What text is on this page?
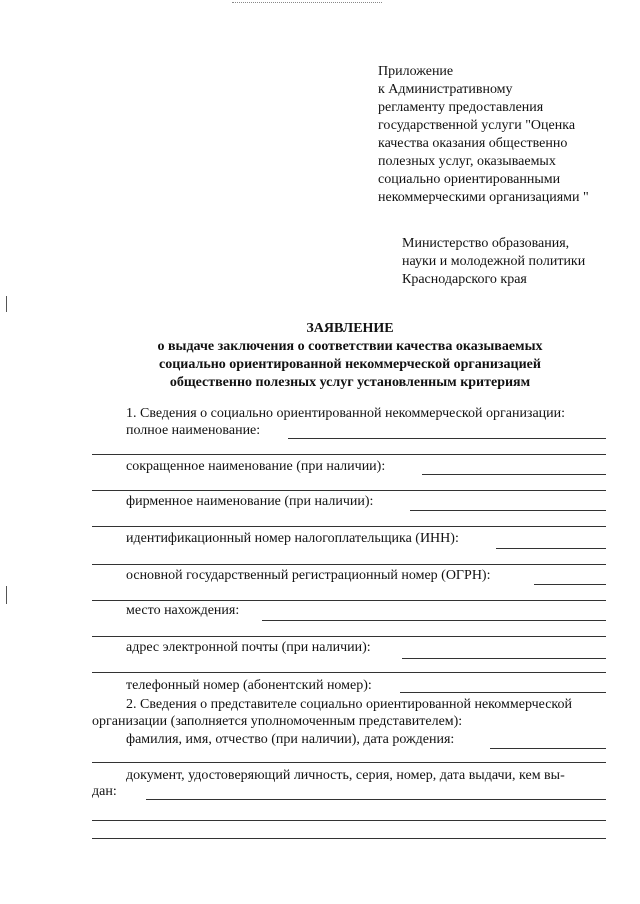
Приложение
к Административному
регламенту предоставления
государственной услуги "Оценка
качества оказания общественно
полезных услуг, оказываемых
социально ориентированными
некоммерческими организациями "
Министерство образования,
науки и молодежной политики
Краснодарского края
ЗАЯВЛЕНИЕ
о выдаче заключения о соответствии качества оказываемых
социально ориентированной некоммерческой организацией
общественно полезных услуг установленным критериям
1. Сведения о социально ориентированной некоммерческой организации:
полное наименование:
сокращенное наименование (при наличии):
фирменное наименование (при наличии):
идентификационный номер налогоплательщика (ИНН):
основной государственный регистрационный номер (ОГРН):
место нахождения:
адрес электронной почты (при наличии):
телефонный номер (абонентский номер):
2. Сведения о представителе социально ориентированной некоммерческой
организации (заполняется уполномоченным представителем):
фамилия, имя, отчество (при наличии), дата рождения:
документ, удостоверяющий личность, серия, номер, дата выдачи, кем вы-
дан:
